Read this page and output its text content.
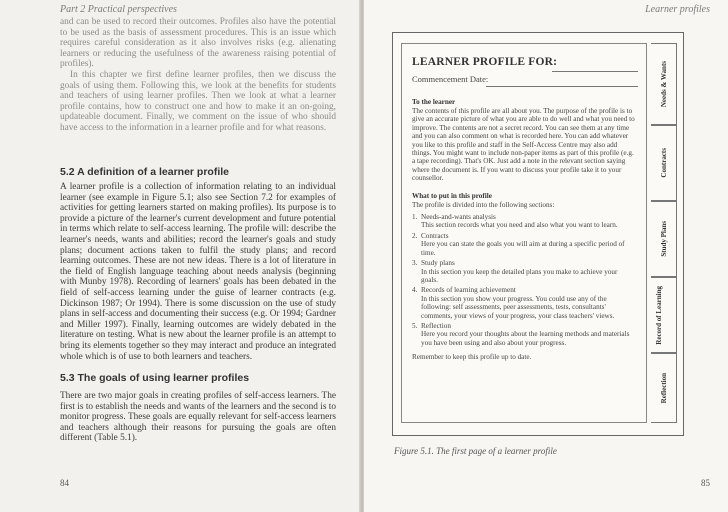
Part 2 Practical perspectives

and can be used to record their outcomes. Profiles also have the potential to be used as the basis of assessment procedures. This is an issue which requires careful consideration as it also involves risks (e.g. alienating learners or reducing the usefulness of the awareness raising potential of profiles).

In this chapter we first define learner profiles, then we discuss the goals of using them. Following this, we look at the benefits for students and teachers of using learner profiles. Then we look at what a learner profile contains, how to construct one and how to make it an on-going, updateable document. Finally, we comment on the issue of who should have access to the information in a learner profile and for what reasons.

5.2 A definition of a learner profile

A learner profile is a collection of information relating to an individual learner (see example in Figure 5.1; also see Section 7.2 for examples of activities for getting learners started on making profiles). Its purpose is to provide a picture of the learner's current development and future potential in terms which relate to self-access learning. The profile will: describe the learner's needs, wants and abilities; record the learner's goals and study plans; document actions taken to fulfil the study plans; and record learning outcomes. These are not new ideas. There is a lot of literature in the field of English language teaching about needs analysis (beginning with Munby 1978). Recording of learners' goals has been debated in the field of self-access learning under the guise of learner contracts (e.g. Dickinson 1987; Or 1994). There is some discussion on the use of study plans in self-access and documenting their success (e.g. Or 1994; Gardner and Miller 1997). Finally, learning outcomes are widely debated in the literature on testing. What is new about the learner profile is an attempt to bring its elements together so they may interact and produce an integrated whole which is of use to both learners and teachers.

5.3 The goals of using learner profiles

There are two major goals in creating profiles of self-access learners. The first is to establish the needs and wants of the learners and the second is to monitor progress. These goals are equally relevant for self-access learners and teachers although their reasons for pursuing the goals are often different (Table 5.1).

84
Learner profiles
LEARNER PROFILE FOR:
Commencement Date:
To the learner

The contents of this profile are all about you. The purpose of the profile is to give an accurate picture of what you are able to do well and what you need to improve. The contents are not a secret record. You can see them at any time and you can also comment on what is recorded here. You can add whatever you like to this profile and staff in the Self-Access Centre may also add things. You might want to include non-paper items as part of this profile (e.g. a tape recording). That's OK. Just add a note in the relevant section saying where the document is. If you want to discuss your profile take it to your counsellor.

What to put in this profile

The profile is divided into the following sections:

1. Needs-and-wants analysis
This section records what you need and also what you want to learn.
2. Contracts
Here you can state the goals you will aim at during a specific period of time.
3. Study plans
In this section you keep the detailed plans you make to achieve your goals.
4. Records of learning achievement
In this section you show your progress. You could use any of the following: self assessments, peer assessments, tests, consultants' comments, your views of your progress, your class teachers' views.
5. Reflection
Here you record your thoughts about the learning methods and materials you have been using and also about your progress.
Remember to keep this profile up to date.
Needs & Wants
Contracts
Study Plans
Record of Learning
Reflection
Figure 5.1. The first page of a learner profile
85
